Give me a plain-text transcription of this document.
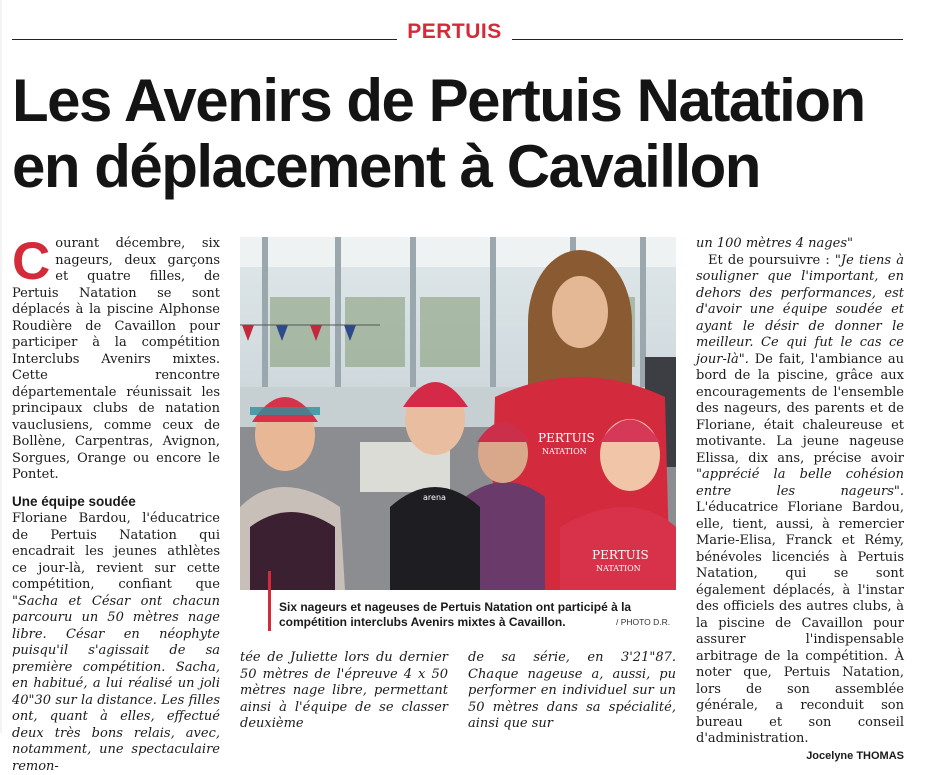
PERTUIS
Les Avenirs de Pertuis Natation
en déplacement à Cavaillon

Courant décembre, six nageurs, deux garçons et quatre filles, de Pertuis Natation se sont déplacés à la piscine Alphonse Roudière de Cavaillon pour participer à la compétition Interclubs Avenirs mixtes. Cette rencontre départementale réunissait les principaux clubs de natation vauclusiens, comme ceux de Bollène, Carpentras, Avignon, Sorgues, Orange ou encore le Pontet.

Une équipe soudée

Floriane Bardou, l'éducatrice de Pertuis Natation qui encadrait les jeunes athlètes ce jour-là, revient sur cette compétition, confiant que "Sacha et César ont chacun parcouru un 50 mètres nage libre. César en néophyte puisqu'il s'agissait de sa première compétition. Sacha, en habitué, a lui réalisé un joli 40"30 sur la distance. Les filles ont, quant à elles, effectué deux très bons relais, avec, notamment, une spectaculaire remon-

PERTUIS
NATATION
PERTUIS
NATATION
arena
Six nageurs et nageuses de Pertuis Natation ont participé à la compétition interclubs Avenirs mixtes à Cavaillon.	/ PHOTO D.R.
tée de Juliette lors du dernier 50 mètres de l'épreuve 4 x 50 mètres nage libre, permettant ainsi à l'équipe de se classer deuxième
de sa série, en 3'21"87. Chaque nageuse a, aussi, pu performer en individuel sur un 50 mètres dans sa spécialité, ainsi que sur

un 100 mètres 4 nages"

Et de poursuivre : "Je tiens à souligner que l'important, en dehors des performances, est d'avoir une équipe soudée et ayant le désir de donner le meilleur. Ce qui fut le cas ce jour-là". De fait, l'ambiance au bord de la piscine, grâce aux encouragements de l'ensemble des nageurs, des parents et de Floriane, était chaleureuse et motivante. La jeune nageuse Elissa, dix ans, précise avoir "apprécié la belle cohésion entre les nageurs". L'éducatrice Floriane Bardou, elle, tient, aussi, à remercier Marie-Elisa, Franck et Rémy, bénévoles licenciés à Pertuis Natation, qui se sont également déplacés, à l'instar des officiels des autres clubs, à la piscine de Cavaillon pour assurer l'indispensable arbitrage de la compétition. À noter que, Pertuis Natation, lors de son assemblée générale, a reconduit son bureau et son conseil d'administration.
Jocelyne THOMAS
